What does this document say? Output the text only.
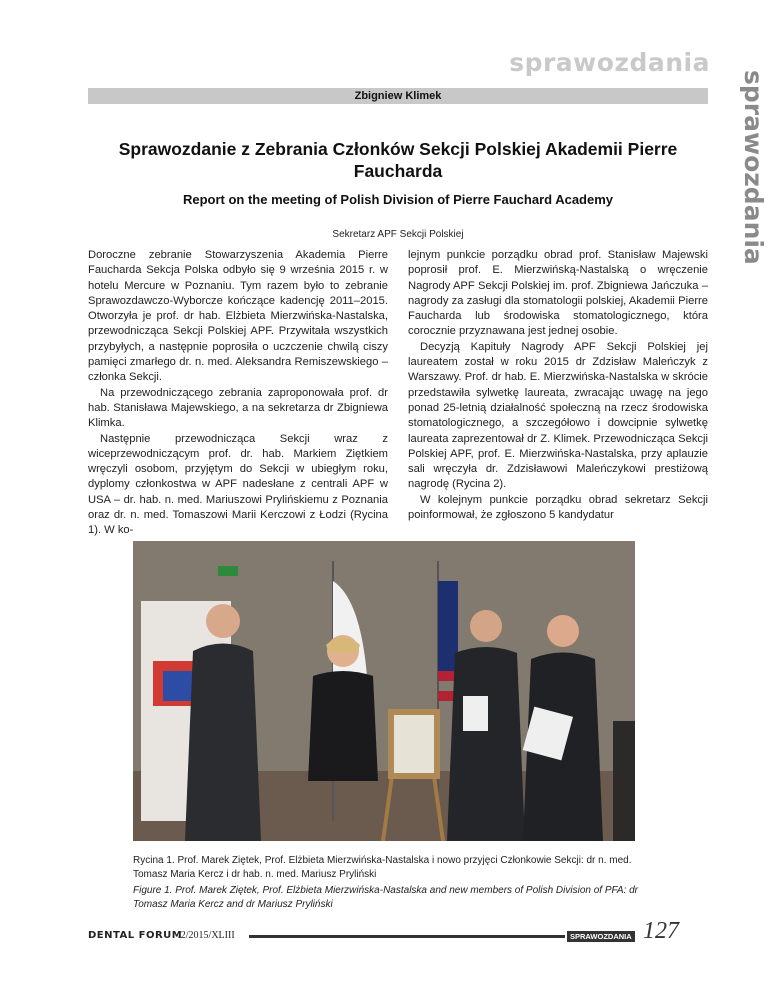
sprawozdania
sprawozdania
Zbigniew Klimek
Sprawozdanie z Zebrania Członków Sekcji Polskiej Akademii Pierre Faucharda
Report on the meeting of Polish Division of Pierre Fauchard Academy
Sekretarz APF Sekcji Polskiej

Doroczne zebranie Stowarzyszenia Akademia Pierre Faucharda Sekcja Polska odbyło się 9 września 2015 r. w hotelu Mercure w Poznaniu. Tym razem było to zebranie Sprawozdawczo-Wyborcze kończące kadencję 2011–2015. Otworzyła je prof. dr hab. Elżbieta Mierzwińska-Nastalska, przewodnicząca Sekcji Polskiej APF. Przywitała wszystkich przybyłych, a następnie poprosiła o uczczenie chwilą ciszy pamięci zmarłego dr. n. med. Aleksandra Remiszewskiego – członka Sekcji.

Na przewodniczącego zebrania zaproponowała prof. dr hab. Stanisława Majewskiego, a na sekretarza dr Zbigniewa Klimka.

Następnie przewodnicząca Sekcji wraz z wiceprzewodniczącym prof. dr. hab. Markiem Ziętkiem wręczyli osobom, przyjętym do Sekcji w ubiegłym roku, dyplomy członkostwa w APF nadesłane z centrali APF w USA – dr. hab. n. med. Mariuszowi Prylińskiemu z Poznania oraz dr. n. med. Tomaszowi Marii Kerczowi z Łodzi (Rycina 1). W ko-

lejnym punkcie porządku obrad prof. Stanisław Majewski poprosił prof. E. Mierzwińską-Nastalską o wręczenie Nagrody APF Sekcji Polskiej im. prof. Zbigniewa Jańczuka – nagrody za zasługi dla stomatologii polskiej, Akademii Pierre Faucharda lub środowiska stomatologicznego, która corocznie przyznawana jest jednej osobie.

Decyzją Kapituły Nagrody APF Sekcji Polskiej jej laureatem został w roku 2015 dr Zdzisław Maleńczyk z Warszawy. Prof. dr hab. E. Mierzwińska-Nastalska w skrócie przedstawiła sylwetkę laureata, zwracając uwagę na jego ponad 25-letnią działalność społeczną na rzecz środowiska stomatologicznego, a szczegółowo i dowcipnie sylwetkę laureata zaprezentował dr Z. Klimek. Przewodnicząca Sekcji Polskiej APF, prof. E. Mierzwińska-Nastalska, przy aplauzie sali wręczyła dr. Zdzisławowi Maleńczykowi prestiżową nagrodę (Rycina 2).

W kolejnym punkcie porządku obrad sekretarz Sekcji poinformował, że zgłoszono 5 kandydatur

Rycina 1. Prof. Marek Ziętek, Prof. Elżbieta Mierzwińska-Nastalska i nowo przyjęci Członkowie Sekcji: dr n. med. Tomasz Maria Kercz i dr hab. n. med. Mariusz Pryliński

Figure 1. Prof. Marek Ziętek, Prof. Elżbieta Mierzwińska-Nastalska and new members of Polish Division of PFA: dr Tomasz Maria Kercz and dr Mariusz Pryliński

DENTAL FORUM
/2/2015/XLIII	SPRAWOZDANIA 127
